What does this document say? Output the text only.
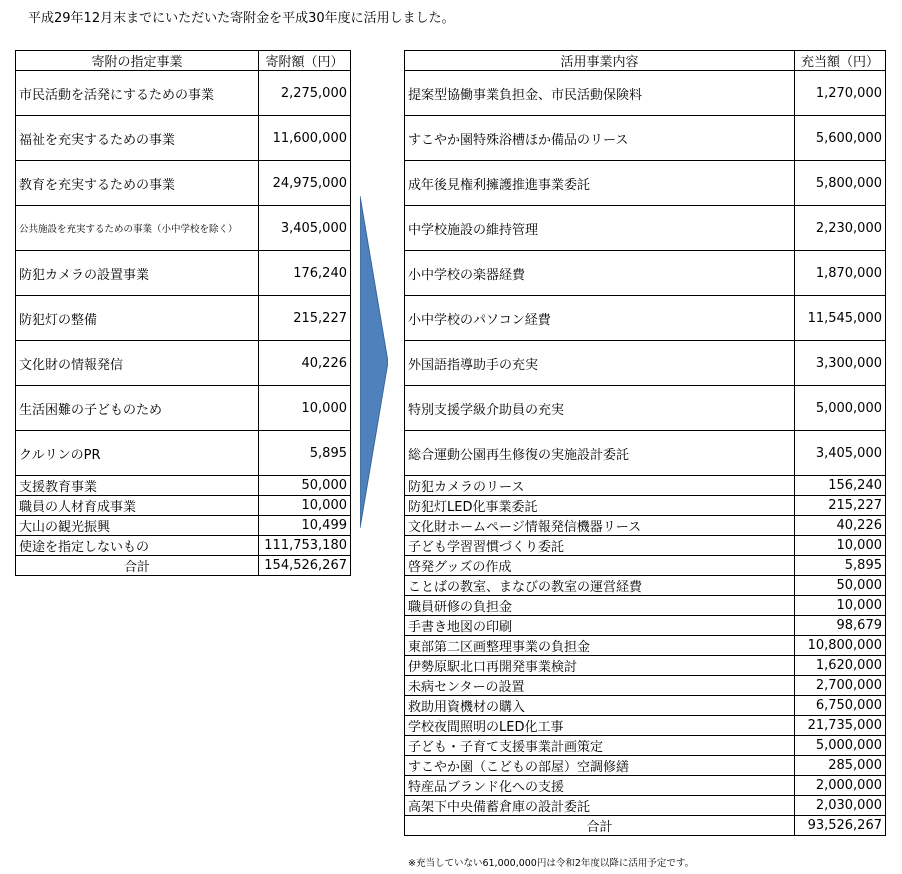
平成29年12月末までにいただいた寄附金を平成30年度に活用しました。
寄附の指定事業	寄附額（円）
市民活動を活発にするための事業	2,275,000
福祉を充実するための事業	11,600,000
教育を充実するための事業	24,975,000
公共施設を充実するための事業（小中学校を除く）	3,405,000
防犯カメラの設置事業	176,240
防犯灯の整備	215,227
文化財の情報発信	40,226
生活困難の子どものため	10,000
クルリンのPR	5,895
支援教育事業	50,000
職員の人材育成事業	10,000
大山の観光振興	10,499
使途を指定しないもの	111,753,180
合計	154,526,267
活用事業内容	充当額（円）
提案型協働事業負担金、市民活動保険料	1,270,000
すこやか園特殊浴槽ほか備品のリース	5,600,000
成年後見権利擁護推進事業委託	5,800,000
中学校施設の維持管理	2,230,000
小中学校の楽器経費	1,870,000
小中学校のパソコン経費	11,545,000
外国語指導助手の充実	3,300,000
特別支援学級介助員の充実	5,000,000
総合運動公園再生修復の実施設計委託	3,405,000
防犯カメラのリース	156,240
防犯灯LED化事業委託	215,227
文化財ホームページ情報発信機器リース	40,226
子ども学習習慣づくり委託	10,000
啓発グッズの作成	5,895
ことばの教室、まなびの教室の運営経費	50,000
職員研修の負担金	10,000
手書き地図の印刷	98,679
東部第二区画整理事業の負担金	10,800,000
伊勢原駅北口再開発事業検討	1,620,000
未病センターの設置	2,700,000
救助用資機材の購入	6,750,000
学校夜間照明のLED化工事	21,735,000
子ども・子育て支援事業計画策定	5,000,000
すこやか園（こどもの部屋）空調修繕	285,000
特産品ブランド化への支援	2,000,000
高架下中央備蓄倉庫の設計委託	2,030,000
合計	93,526,267
※充当していない61,000,000円は令和2年度以降に活用予定です。
